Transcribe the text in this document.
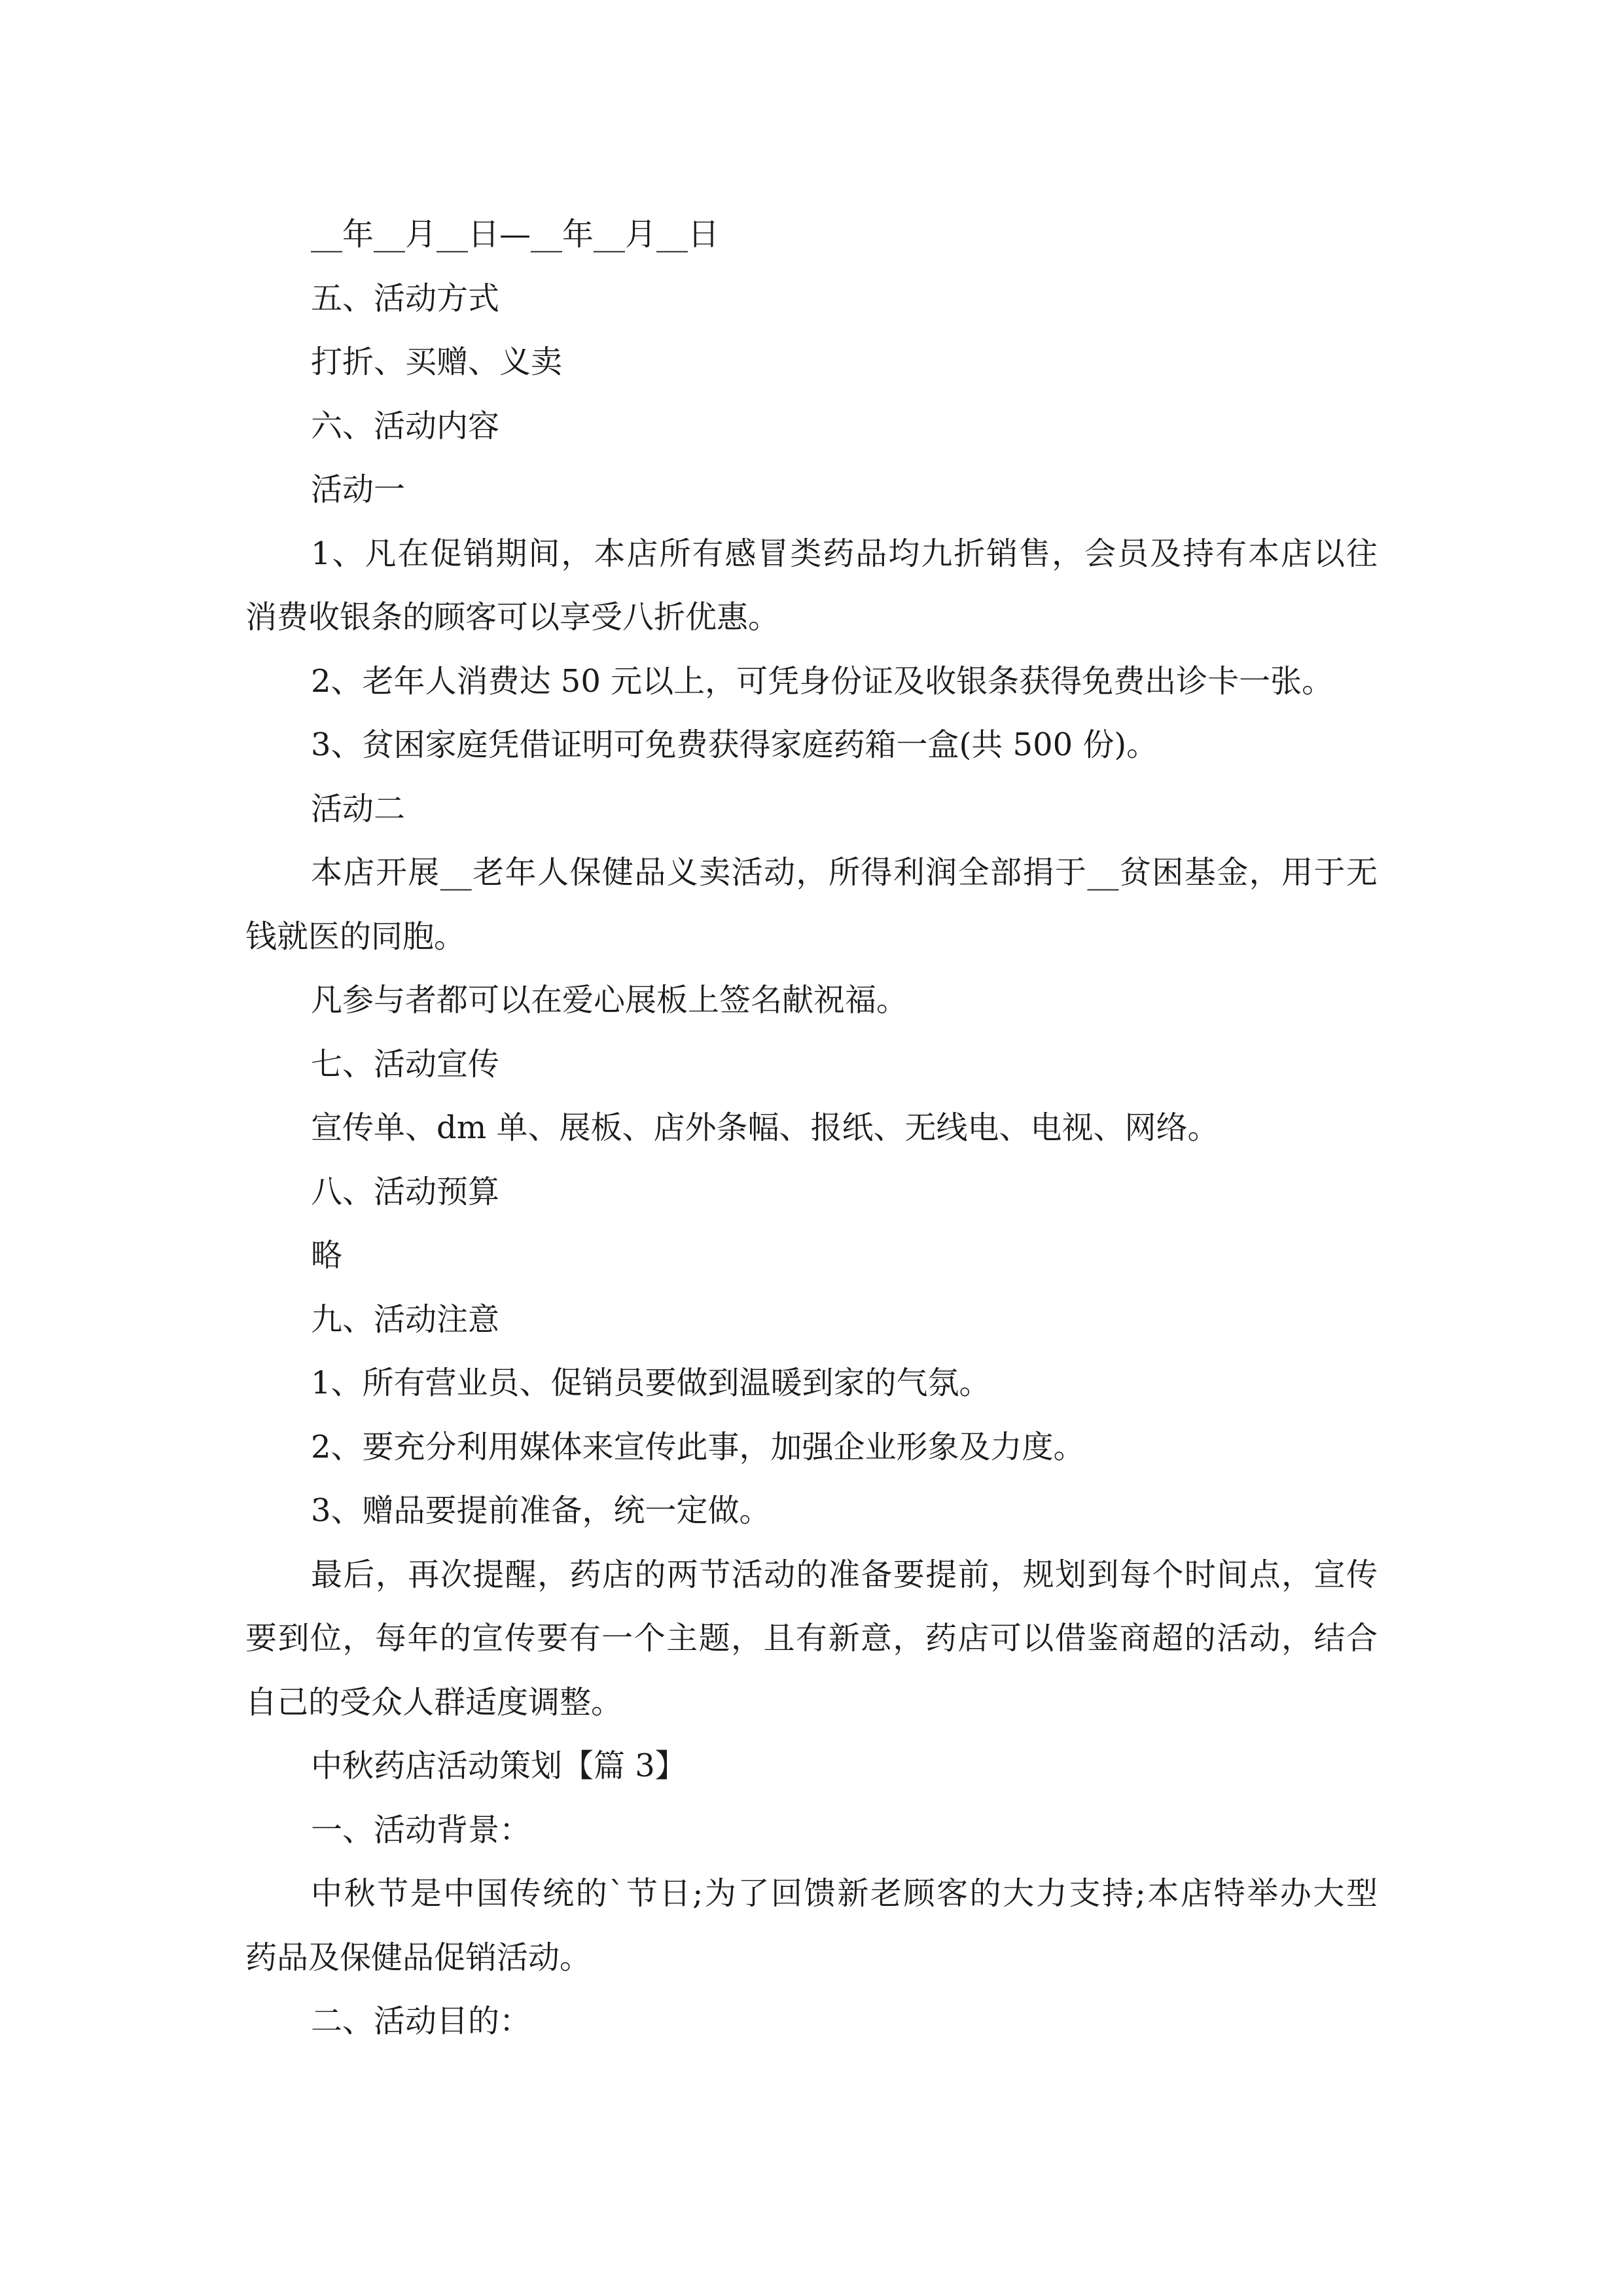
__年__月__日—__年__月__日
五、活动方式
打折、买赠、义卖
六、活动内容
活动一
1、凡在促销期间，本店所有感冒类药品均九折销售，会员及持有本店以往
消费收银条的顾客可以享受八折优惠。
2、老年人消费达 50 元以上，可凭身份证及收银条获得免费出诊卡一张。
3、贫困家庭凭借证明可免费获得家庭药箱一盒(共 500 份)。
活动二
本店开展__老年人保健品义卖活动，所得利润全部捐于__贫困基金，用于无
钱就医的同胞。
凡参与者都可以在爱心展板上签名献祝福。
七、活动宣传
宣传单、dm 单、展板、店外条幅、报纸、无线电、电视、网络。
八、活动预算
略
九、活动注意
1、所有营业员、促销员要做到温暖到家的气氛。
2、要充分利用媒体来宣传此事，加强企业形象及力度。
3、赠品要提前准备，统一定做。
最后，再次提醒，药店的两节活动的准备要提前，规划到每个时间点，宣传
要到位，每年的宣传要有一个主题，且有新意，药店可以借鉴商超的活动，结合
自己的受众人群适度调整。
中秋药店活动策划【篇 3】
一、活动背景：
中秋节是中国传统的`节日;为了回馈新老顾客的大力支持;本店特举办大型
药品及保健品促销活动。
二、活动目的：
